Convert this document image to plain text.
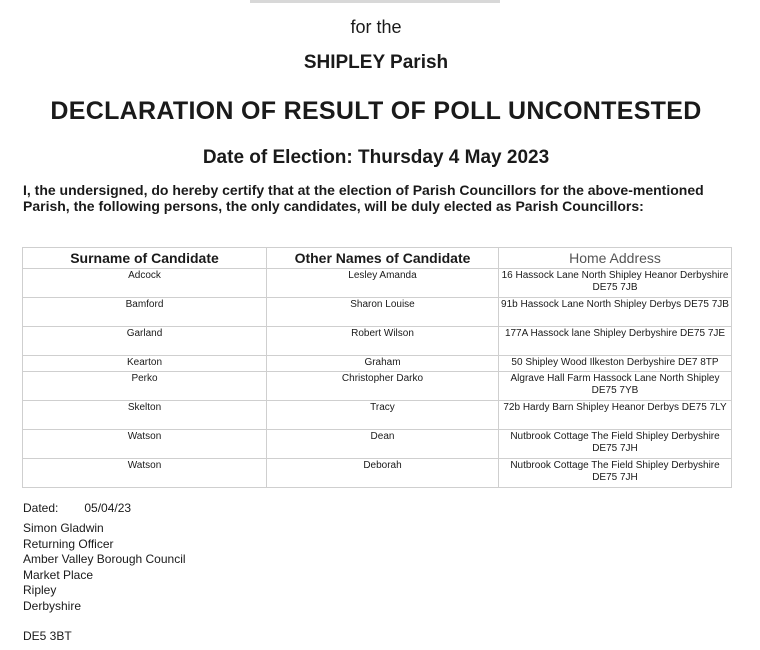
for the
SHIPLEY Parish
DECLARATION OF RESULT OF POLL UNCONTESTED
Date of Election: Thursday 4 May 2023
I, the undersigned, do hereby certify that at the election of Parish Councillors for the above-mentioned Parish, the following persons, the only candidates, will be duly elected as Parish Councillors:
Surname of Candidate	Other Names of Candidate	Home Address
Adcock	Lesley Amanda	16 Hassock Lane North Shipley Heanor Derbyshire DE75 7JB
Bamford	Sharon Louise	91b Hassock Lane North Shipley Derbys DE75 7JB
Garland	Robert Wilson	177A Hassock lane Shipley Derbyshire DE75 7JE
Kearton	Graham	50 Shipley Wood Ilkeston Derbyshire DE7 8TP
Perko	Christopher Darko	Algrave Hall Farm Hassock Lane North Shipley DE75 7YB
Skelton	Tracy	72b Hardy Barn Shipley Heanor Derbys DE75 7LY
Watson	Dean	Nutbrook Cottage The Field Shipley Derbyshire DE75 7JH
Watson	Deborah	Nutbrook Cottage The Field Shipley Derbyshire DE75 7JH
Dated: 05/04/23
Simon Gladwin
Returning Officer
Amber Valley Borough Council
Market Place
Ripley
Derbyshire
DE5 3BT
